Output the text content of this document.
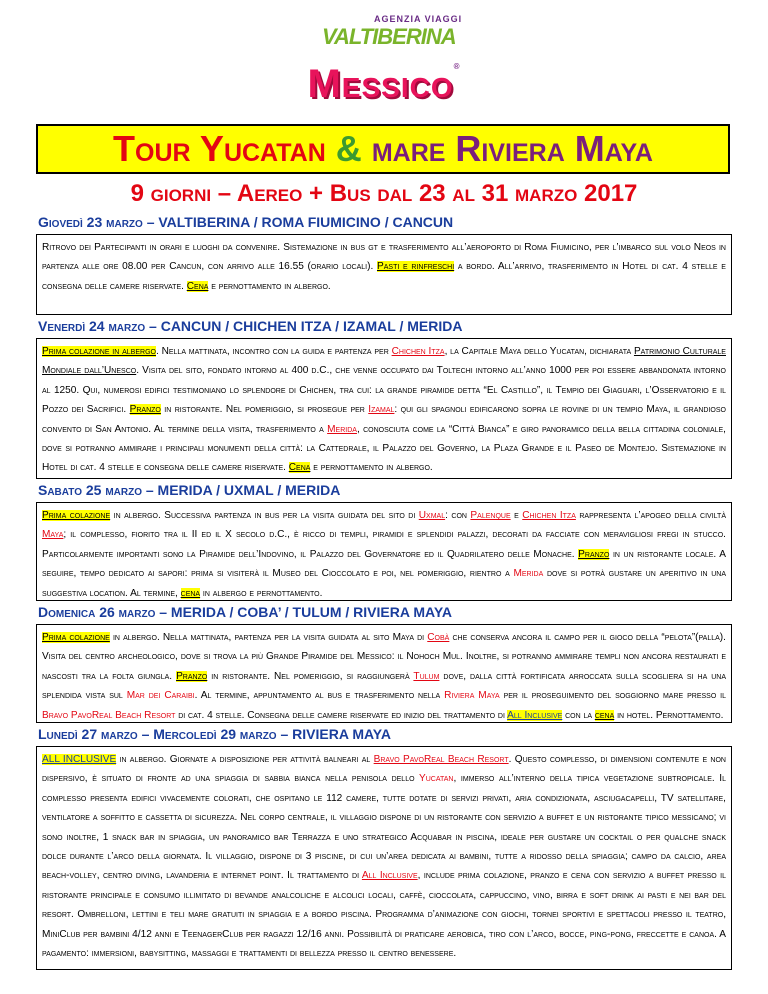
AGENZIA VIAGGI
VALTIBERINA
Messico®
Tour Yucatan & mare Riviera Maya
9 giorni – Aereo + Bus dal 23 al 31 marzo 2017
Giovedì 23 marzo – VALTIBERINA / ROMA FIUMICINO / CANCUN
Ritrovo dei Partecipanti in orari e luoghi da convenire. Sistemazione in bus gt e trasferimento all’aeroporto di Roma Fiumicino, per l’imbarco sul volo Neos in partenza alle ore 08.00 per Cancun, con arrivo alle 16.55 (orario locali). Pasti e rinfreschi a bordo. All’arrivo, trasferimento in Hotel di cat. 4 stelle e consegna delle camere riservate. Cena e pernottamento in albergo.
Venerdì 24 marzo – CANCUN / CHICHEN ITZA / IZAMAL / MERIDA
Prima colazione in albergo. Nella mattinata, incontro con la guida e partenza per Chichen Itza, la Capitale Maya dello Yucatan, dichiarata Patrimonio Culturale Mondiale dall’Unesco. Visita del sito, fondato intorno al 400 d.C., che venne occupato dai Toltechi intorno all’anno 1000 per poi essere abbandonata intorno al 1250. Qui, numerosi edifici testimoniano lo splendore di Chichen, tra cui: la grande piramide detta “El Castillo”, il Tempio dei Giaguari, l’Osservatorio e il Pozzo dei Sacrifici. Pranzo in ristorante. Nel pomeriggio, si prosegue per Izamal: qui gli spagnoli edificarono sopra le rovine di un tempio Maya, il grandioso convento di San Antonio. Al termine della visita, trasferimento a Merida, conosciuta come la “Città Bianca” e giro panoramico della bella cittadina coloniale, dove si potranno ammirare i principali monumenti della città: la Cattedrale, il Palazzo del Governo, la Plaza Grande e il Paseo de Montejo. Sistemazione in Hotel di cat. 4 stelle e consegna delle camere riservate. Cena e pernottamento in albergo.
Sabato 25 marzo – MERIDA / UXMAL / MERIDA
Prima colazione in albergo. Successiva partenza in bus per la visita guidata del sito di Uxmal: con Palenque e Chichen Itza rappresenta l’apogeo della civiltà Maya; il complesso, fiorito tra il II ed il X secolo d.C., è ricco di templi, piramidi e splendidi palazzi, decorati da facciate con meravigliosi fregi in stucco. Particolarmente importanti sono la Piramide dell’Indovino, il Palazzo del Governatore ed il Quadrilatero delle Monache. Pranzo in un ristorante locale. A seguire, tempo dedicato ai sapori: prima si visiterà il Museo del Cioccolato e poi, nel pomeriggio, rientro a Merida dove si potrà gustare un aperitivo in una suggestiva location. Al termine, cena in albergo e pernottamento.
Domenica 26 marzo – MERIDA / COBA’ / TULUM / RIVIERA MAYA
Prima colazione in albergo. Nella mattinata, partenza per la visita guidata al sito Maya di Cobà che conserva ancora il campo per il gioco della “pelota”(palla). Visita del centro archeologico, dove si trova la più Grande Piramide del Messico: il Nohoch Mul. Inoltre, si potranno ammirare templi non ancora restaurati e nascosti tra la folta giungla. Pranzo in ristorante. Nel pomeriggio, si raggiungerà Tulum dove, dalla città fortificata arroccata sulla scogliera si ha una splendida vista sul Mar dei Caraibi. Al termine, appuntamento al bus e trasferimento nella Riviera Maya per il proseguimento del soggiorno mare presso il Bravo PavoReal Beach Resort di cat. 4 stelle. Consegna delle camere riservate ed inizio del trattamento di All Inclusive con la cena in hotel. Pernottamento.
Lunedì 27 marzo – Mercoledì 29 marzo – RIVIERA MAYA
ALL INCLUSIVE in albergo. Giornate a disposizione per attività balneari al Bravo PavoReal Beach Resort. Questo complesso, di dimensioni contenute e non dispersivo, è situato di fronte ad una spiaggia di sabbia bianca nella penisola dello Yucatan, immerso all’interno della tipica vegetazione subtropicale. Il complesso presenta edifici vivacemente colorati, che ospitano le 112 camere, tutte dotate di servizi privati, aria condizionata, asciugacapelli, TV satellitare, ventilatore a soffitto e cassetta di sicurezza. Nel corpo centrale, il villaggio dispone di un ristorante con servizio a buffet e un ristorante tipico messicano; vi sono inoltre, 1 snack bar in spiaggia, un panoramico bar Terrazza e uno strategico Acquabar in piscina, ideale per gustare un cocktail o per qualche snack dolce durante l’arco della giornata. Il villaggio, dispone di 3 piscine, di cui un’area dedicata ai bambini, tutte a ridosso della spiaggia; campo da calcio, area beach-volley, centro diving, lavanderia e internet point. Il trattamento di All Inclusive, include prima colazione, pranzo e cena con servizio a buffet presso il ristorante principale e consumo illimitato di bevande analcoliche e alcolici locali, caffè, cioccolata, cappuccino, vino, birra e soft drink ai pasti e nei bar del resort. Ombrelloni, lettini e teli mare gratuiti in spiaggia e a bordo piscina. Programma d’animazione con giochi, tornei sportivi e spettacoli presso il teatro, MiniClub per bambini 4/12 anni e TeenagerClub per ragazzi 12/16 anni. Possibilità di praticare aerobica, tiro con l’arco, bocce, ping-pong, freccette e canoa. A pagamento: immersioni, babysitting, massaggi e trattamenti di bellezza presso il centro benessere.
